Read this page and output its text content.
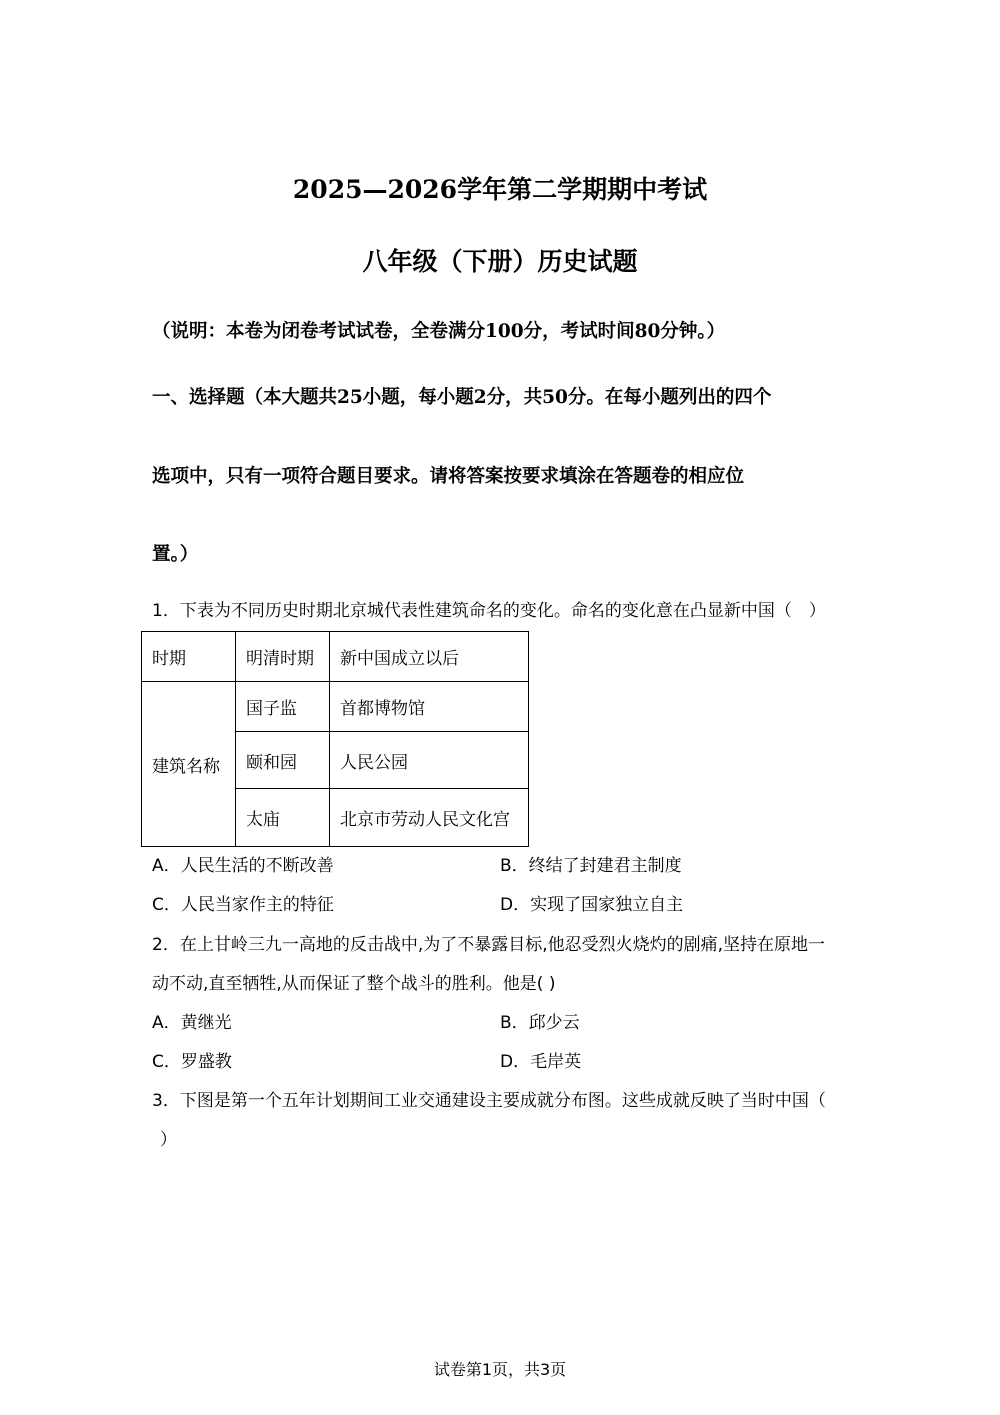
2025—2026学年第二学期期中考试
八年级（下册）历史试题
（说明：本卷为闭卷考试试卷，全卷满分100分，考试时间80分钟。）
一、选择题（本大题共25小题，每小题2分，共50分。在每小题列出的四个
选项中，只有一项符合题目要求。请将答案按要求填涂在答题卷的相应位
置。）
1．下表为不同历史时期北京城代表性建筑命名的变化。命名的变化意在凸显新中国（　）
时期	明清时期	新中国成立以后
建筑名称	国子监	首都博物馆
	颐和园	人民公园
	太庙	北京市劳动人民文化宫
A．人民生活的不断改善	B．终结了封建君主制度
C．人民当家作主的特征	D．实现了国家独立自主
2．在上甘岭三九一高地的反击战中,为了不暴露目标,他忍受烈火烧灼的剧痛,坚持在原地一
动不动,直至牺牲,从而保证了整个战斗的胜利。他是( )
A．黄继光	B．邱少云
C．罗盛教	D．毛岸英
3．下图是第一个五年计划期间工业交通建设主要成就分布图。这些成就反映了当时中国（
）
试卷第1页，共3页
